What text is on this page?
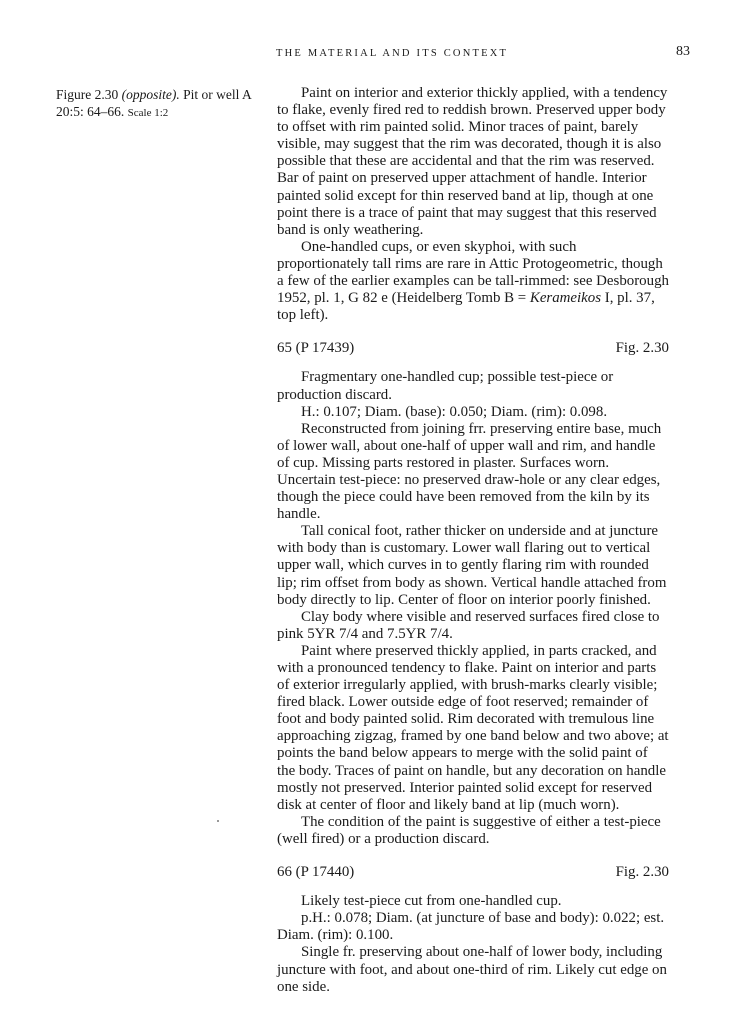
THE MATERIAL AND ITS CONTEXT	83
Figure 2.30 (opposite). Pit or well A 20:5: 64–66. Scale 1:2

Paint on interior and exterior thickly applied, with a tendency to flake, evenly fired red to reddish brown. Preserved upper body to offset with rim painted solid. Minor traces of paint, barely visible, may suggest that the rim was decorated, though it is also possible that these are accidental and that the rim was reserved. Bar of paint on preserved upper attachment of handle. Interior painted solid except for thin reserved band at lip, though at one point there is a trace of paint that may suggest that this reserved band is only weathering.

One-handled cups, or even skyphoi, with such proportionately tall rims are rare in Attic Protogeometric, though a few of the earlier examples can be tall-rimmed: see Desborough 1952, pl. 1, G 82 e (Heidelberg Tomb B = Kerameikos I, pl. 37, top left).

65 (P 17439)	Fig. 2.30

Fragmentary one-handled cup; possible test-piece or production discard.

H.: 0.107; Diam. (base): 0.050; Diam. (rim): 0.098.

Reconstructed from joining frr. preserving entire base, much of lower wall, about one-half of upper wall and rim, and handle of cup. Missing parts restored in plaster. Surfaces worn. Uncertain test-piece: no preserved draw-hole or any clear edges, though the piece could have been removed from the kiln by its handle.

Tall conical foot, rather thicker on underside and at juncture with body than is customary. Lower wall flaring out to vertical upper wall, which curves in to gently flaring rim with rounded lip; rim offset from body as shown. Vertical handle attached from body directly to lip. Center of floor on interior poorly finished.

Clay body where visible and reserved surfaces fired close to pink 5YR 7/4 and 7.5YR 7/4.

Paint where preserved thickly applied, in parts cracked, and with a pronounced tendency to flake. Paint on interior and parts of exterior irregularly applied, with brush-marks clearly visible; fired black. Lower outside edge of foot reserved; remainder of foot and body painted solid. Rim decorated with tremulous line approaching zigzag, framed by one band below and two above; at points the band below appears to merge with the solid paint of the body. Traces of paint on handle, but any decoration on handle mostly not preserved. Interior painted solid except for reserved disk at center of floor and likely band at lip (much worn).

The condition of the paint is suggestive of either a test-piece (well fired) or a production discard.

66 (P 17440)	Fig. 2.30

Likely test-piece cut from one-handled cup.

p.H.: 0.078; Diam. (at juncture of base and body): 0.022; est. Diam. (rim): 0.100.

Single fr. preserving about one-half of lower body, including juncture with foot, and about one-third of rim. Likely cut edge on one side.
